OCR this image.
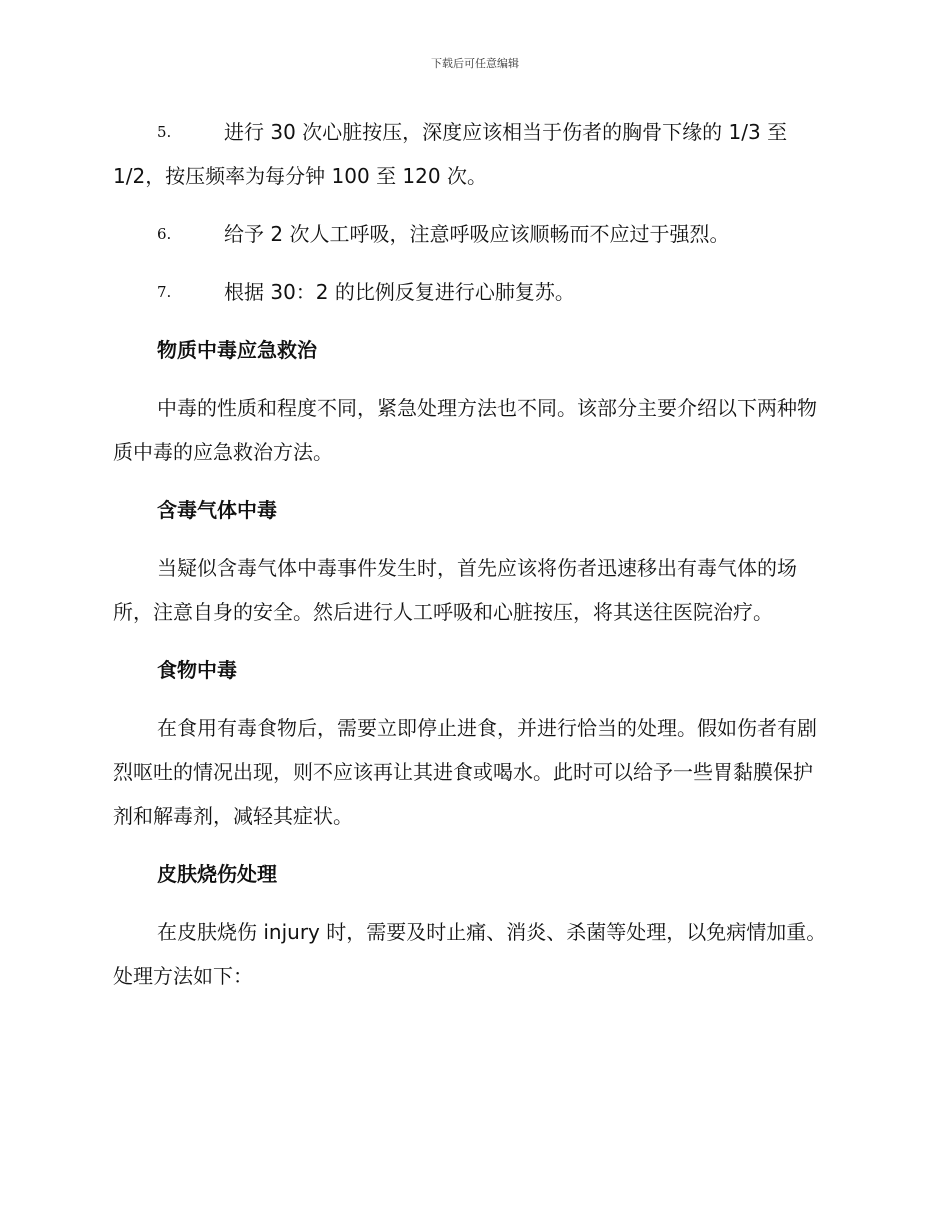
下载后可任意编辑
5.	进行 30 次心脏按压，深度应该相当于伤者的胸骨下缘的 1/3 至 1/2，按压频率为每分钟 100 至 120 次。
6.	给予 2 次人工呼吸，注意呼吸应该顺畅而不应过于强烈。
7.	根据 30：2 的比例反复进行心肺复苏。
物质中毒应急救治
中毒的性质和程度不同，紧急处理方法也不同。该部分主要介绍以下两种物质中毒的应急救治方法。
含毒气体中毒
当疑似含毒气体中毒事件发生时，首先应该将伤者迅速移出有毒气体的场所，注意自身的安全。然后进行人工呼吸和心脏按压，将其送往医院治疗。
食物中毒
在食用有毒食物后，需要立即停止进食，并进行恰当的处理。假如伤者有剧烈呕吐的情况出现，则不应该再让其进食或喝水。此时可以给予一些胃黏膜保护剂和解毒剂，减轻其症状。
皮肤烧伤处理
在皮肤烧伤 injury 时，需要及时止痛、消炎、杀菌等处理，以免病情加重。处理方法如下：
